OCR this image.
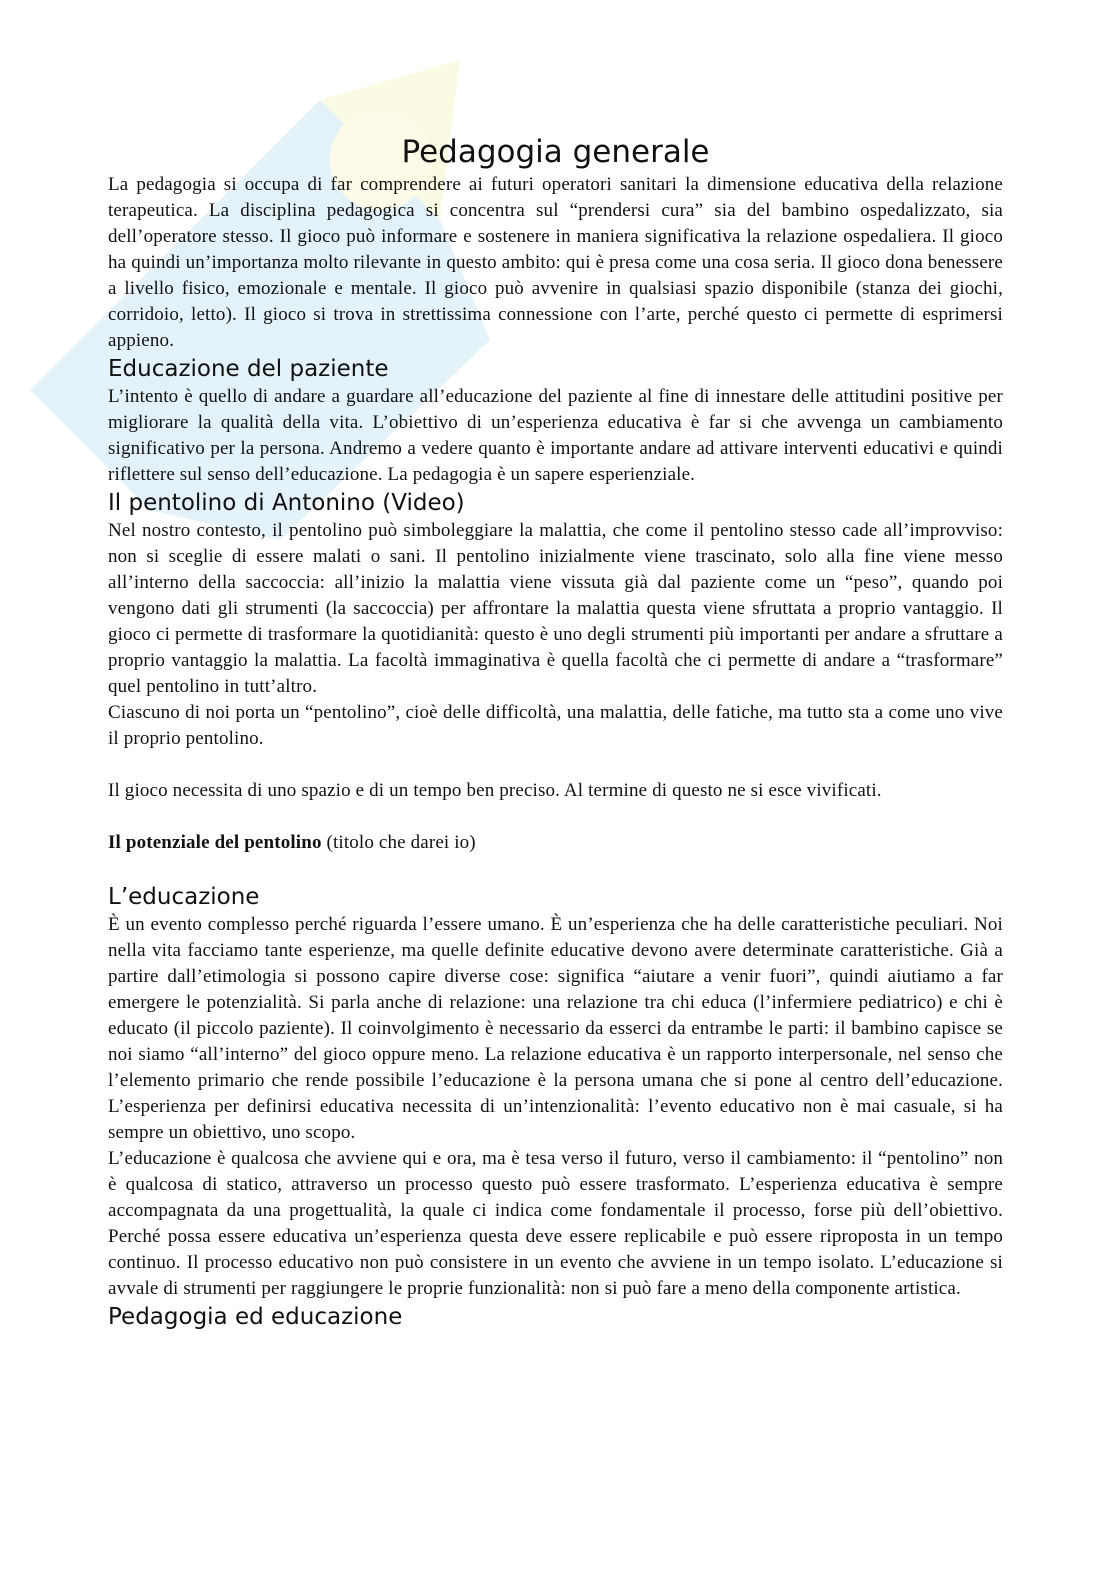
Pedagogia generale

La pedagogia si occupa di far comprendere ai futuri operatori sanitari la dimensione educativa della relazione terapeutica. La disciplina pedagogica si concentra sul “prendersi cura” sia del bambino ospedalizzato, sia dell’operatore stesso. Il gioco può informare e sostenere in maniera significativa la relazione ospedaliera. Il gioco ha quindi un’importanza molto rilevante in questo ambito: qui è presa come una cosa seria. Il gioco dona benessere a livello fisico, emozionale e mentale. Il gioco può avvenire in qualsiasi spazio disponibile (stanza dei giochi, corridoio, letto). Il gioco si trova in strettissima connessione con l’arte, perché questo ci permette di esprimersi appieno.

Educazione del paziente

L’intento è quello di andare a guardare all’educazione del paziente al fine di innestare delle attitudini positive per migliorare la qualità della vita. L’obiettivo di un’esperienza educativa è far si che avvenga un cambiamento significativo per la persona. Andremo a vedere quanto è importante andare ad attivare interventi educativi e quindi riflettere sul senso dell’educazione. La pedagogia è un sapere esperienziale.

Il pentolino di Antonino (Video)

Nel nostro contesto, il pentolino può simboleggiare la malattia, che come il pentolino stesso cade all’improvviso: non si sceglie di essere malati o sani. Il pentolino inizialmente viene trascinato, solo alla fine viene messo all’interno della saccoccia: all’inizio la malattia viene vissuta già dal paziente come un “peso”, quando poi vengono dati gli strumenti (la saccoccia) per affrontare la malattia questa viene sfruttata a proprio vantaggio. Il gioco ci permette di trasformare la quotidianità: questo è uno degli strumenti più importanti per andare a sfruttare a proprio vantaggio la malattia. La facoltà immaginativa è quella facoltà che ci permette di andare a “trasformare” quel pentolino in tutt’altro.

Ciascuno di noi porta un “pentolino”, cioè delle difficoltà, una malattia, delle fatiche, ma tutto sta a come uno vive il proprio pentolino.

Il gioco necessita di uno spazio e di un tempo ben preciso. Al termine di questo ne si esce vivificati.

Il potenziale del pentolino (titolo che darei io)

L’educazione

È un evento complesso perché riguarda l’essere umano. È un’esperienza che ha delle caratteristiche peculiari. Noi nella vita facciamo tante esperienze, ma quelle definite educative devono avere determinate caratteristiche. Già a partire dall’etimologia si possono capire diverse cose: significa “aiutare a venir fuori”, quindi aiutiamo a far emergere le potenzialità. Si parla anche di relazione: una relazione tra chi educa (l’infermiere pediatrico) e chi è educato (il piccolo paziente). Il coinvolgimento è necessario da esserci da entrambe le parti: il bambino capisce se noi siamo “all’interno” del gioco oppure meno. La relazione educativa è un rapporto interpersonale, nel senso che l’elemento primario che rende possibile l’educazione è la persona umana che si pone al centro dell’educazione. L’esperienza per definirsi educativa necessita di un’intenzionalità: l’evento educativo non è mai casuale, si ha sempre un obiettivo, uno scopo.

L’educazione è qualcosa che avviene qui e ora, ma è tesa verso il futuro, verso il cambiamento: il “pentolino” non è qualcosa di statico, attraverso un processo questo può essere trasformato. L’esperienza educativa è sempre accompagnata da una progettualità, la quale ci indica come fondamentale il processo, forse più dell’obiettivo. Perché possa essere educativa un’esperienza questa deve essere replicabile e può essere riproposta in un tempo continuo. Il processo educativo non può consistere in un evento che avviene in un tempo isolato. L’educazione si avvale di strumenti per raggiungere le proprie funzionalità: non si può fare a meno della componente artistica.

Pedagogia ed educazione
